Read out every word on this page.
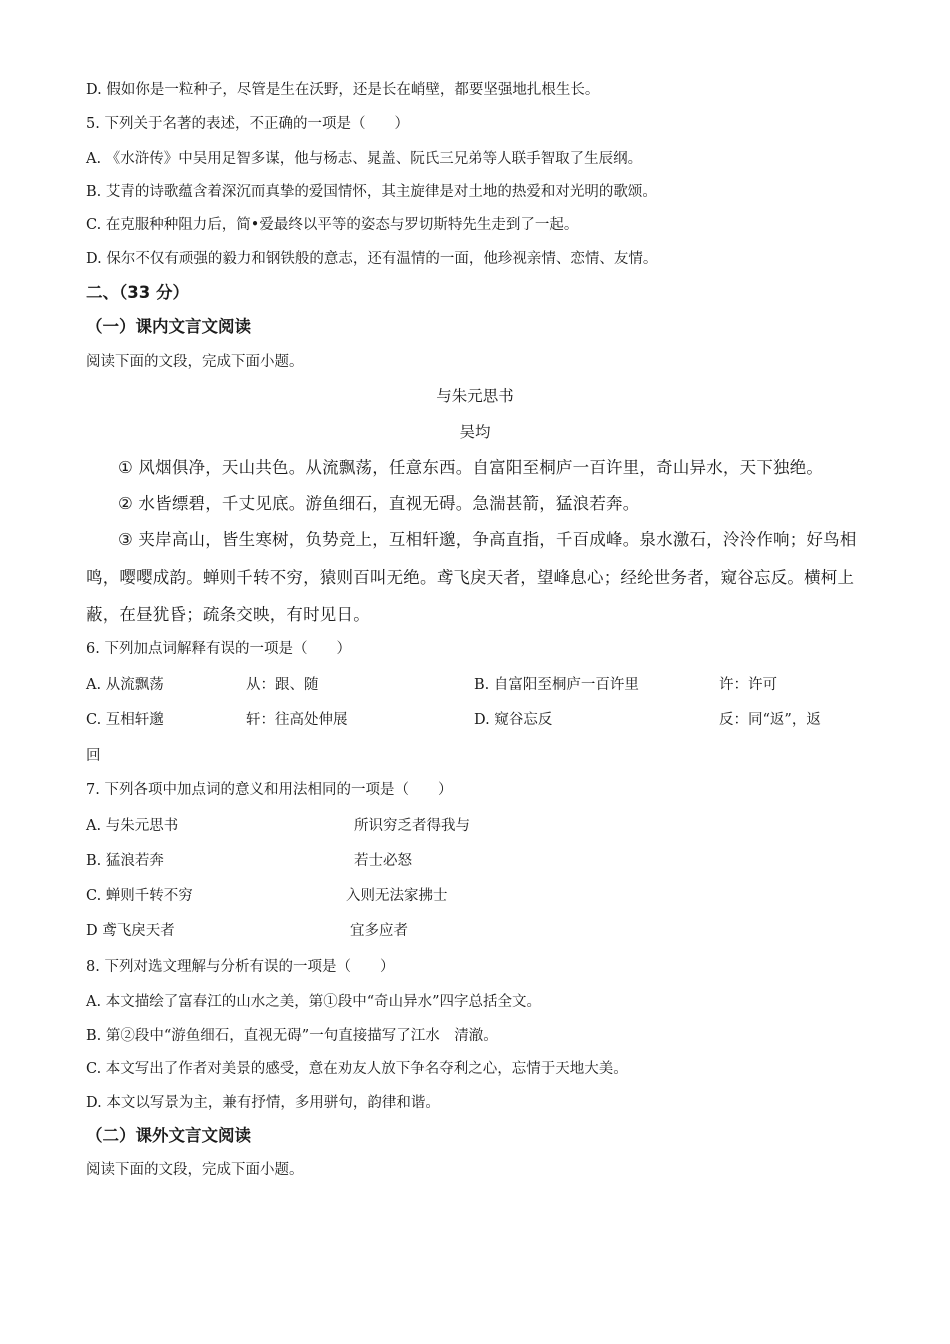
D. 假如你是一粒种子，尽管是生在沃野，还是长在峭壁，都要坚强地扎根生长。
5. 下列关于名著的表述，不正确的一项是（　　）
A. 《水浒传》中吴用足智多谋，他与杨志、晁盖、阮氏三兄弟等人联手智取了生辰纲。
B. 艾青的诗歌蕴含着深沉而真挚的爱国情怀，其主旋律是对土地的热爱和对光明的歌颂。
C. 在克服种种阻力后，简•爱最终以平等的姿态与罗切斯特先生走到了一起。
D. 保尔不仅有顽强的毅力和钢铁般的意志，还有温情的一面，他珍视亲情、恋情、友情。
二、（33 分）
（一）课内文言文阅读
阅读下面的文段，完成下面小题。
与朱元思书
吴均
① 风烟俱净，天山共色。从流飘荡，任意东西。自富阳至桐庐一百许里，奇山异水，天下独绝。
② 水皆缥碧，千丈见底。游鱼细石，直视无碍。急湍甚箭，猛浪若奔。
③ 夹岸高山，皆生寒树，负势竞上，互相轩邈，争高直指，千百成峰。泉水激石，泠泠作响；好鸟相
鸣，嘤嘤成韵。蝉则千转不穷，猿则百叫无绝。鸢飞戾天者，望峰息心；经纶世务者，窥谷忘反。横柯上
蔽，在昼犹昏；疏条交映，有时见日。
6. 下列加点词解释有误的一项是（　　）
A. 从流飘荡	从：跟、随	B. 自富阳至桐庐一百许里	许：许可
C. 互相轩邈	轩：往高处伸展	D. 窥谷忘反	反：同“返”，返
回
7. 下列各项中加点词的意义和用法相同的一项是（　　）
A. 与朱元思书	所识穷乏者得我与
B. 猛浪若奔	若士必怒
C. 蝉则千转不穷	入则无法家拂士
D 鸢飞戾天者	宜多应者
8. 下列对选文理解与分析有误的一项是（　　）
A. 本文描绘了富春江的山水之美，第①段中“奇山异水”四字总括全文。
B. 第②段中“游鱼细石，直视无碍”一句直接描写了江水　清澈。
C. 本文写出了作者对美景的感受，意在劝友人放下争名夺利之心，忘情于天地大美。
D. 本文以写景为主，兼有抒情，多用骈句，韵律和谐。
（二）课外文言文阅读
阅读下面的文段，完成下面小题。
